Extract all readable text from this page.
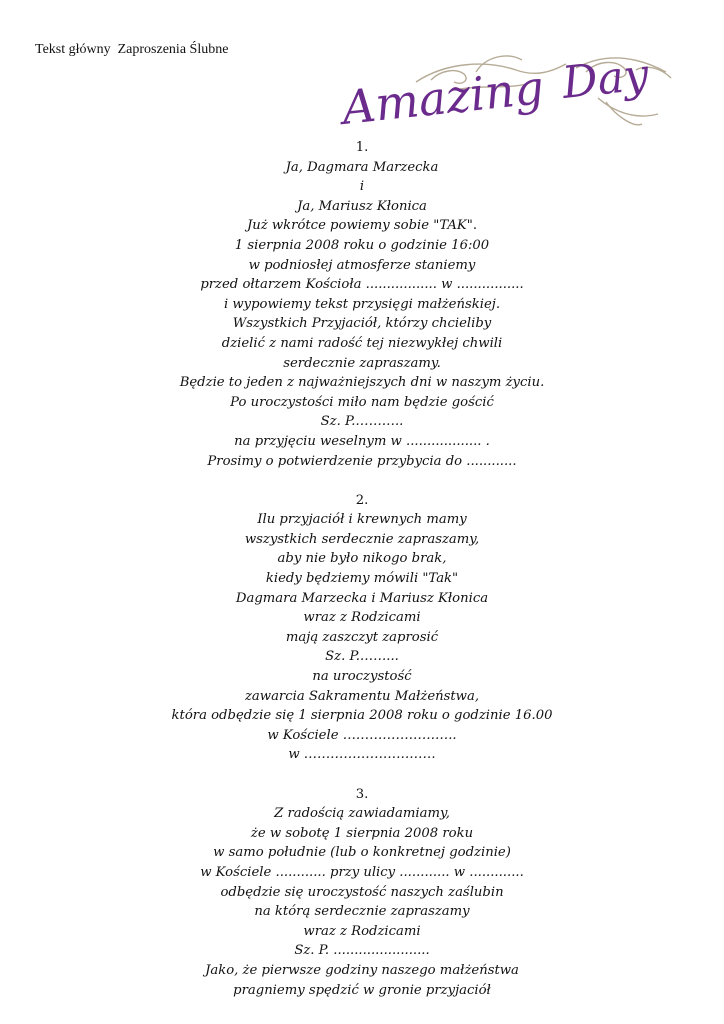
Tekst główny  Zaproszenia Ślubne
Amazing Day
1.
Ja, Dagmara Marzecka
i
Ja, Mariusz Kłonica
Już wkrótce powiemy sobie "TAK".
1 sierpnia 2008 roku o godzinie 16:00
w podniosłej atmosferze staniemy
przed ołtarzem Kościoła ................. w ................
i wypowiemy tekst przysięgi małżeńskiej.
Wszystkich Przyjaciół, którzy chcieliby
dzielić z nami radość tej niezwykłej chwili
serdecznie zapraszamy.
Będzie to jeden z najważniejszych dni w naszym życiu.
Po uroczystości miło nam będzie gościć
Sz. P.………..
na przyjęciu weselnym w .................. .
Prosimy o potwierdzenie przybycia do ............
2.
Ilu przyjaciół i krewnych mamy
wszystkich serdecznie zapraszamy,
aby nie było nikogo brak,
kiedy będziemy mówili "Tak"
Dagmara Marzecka i Mariusz Kłonica
wraz z Rodzicami
mają zaszczyt zaprosić
Sz. P.……...
na uroczystość
zawarcia Sakramentu Małżeństwa,
która odbędzie się 1 sierpnia 2008 roku o godzinie 16.00
w Kościele ……………………..
w …………………………
3.
Z radością zawiadamiamy,
że w sobotę 1 sierpnia 2008 roku
w samo południe (lub o konkretnej godzinie)
w Kościele ............ przy ulicy ............ w .............
odbędzie się uroczystość naszych zaślubin
na którą serdecznie zapraszamy
wraz z Rodzicami
Sz. P. .......................
Jako, że pierwsze godziny naszego małżeństwa
pragniemy spędzić w gronie przyjaciół
